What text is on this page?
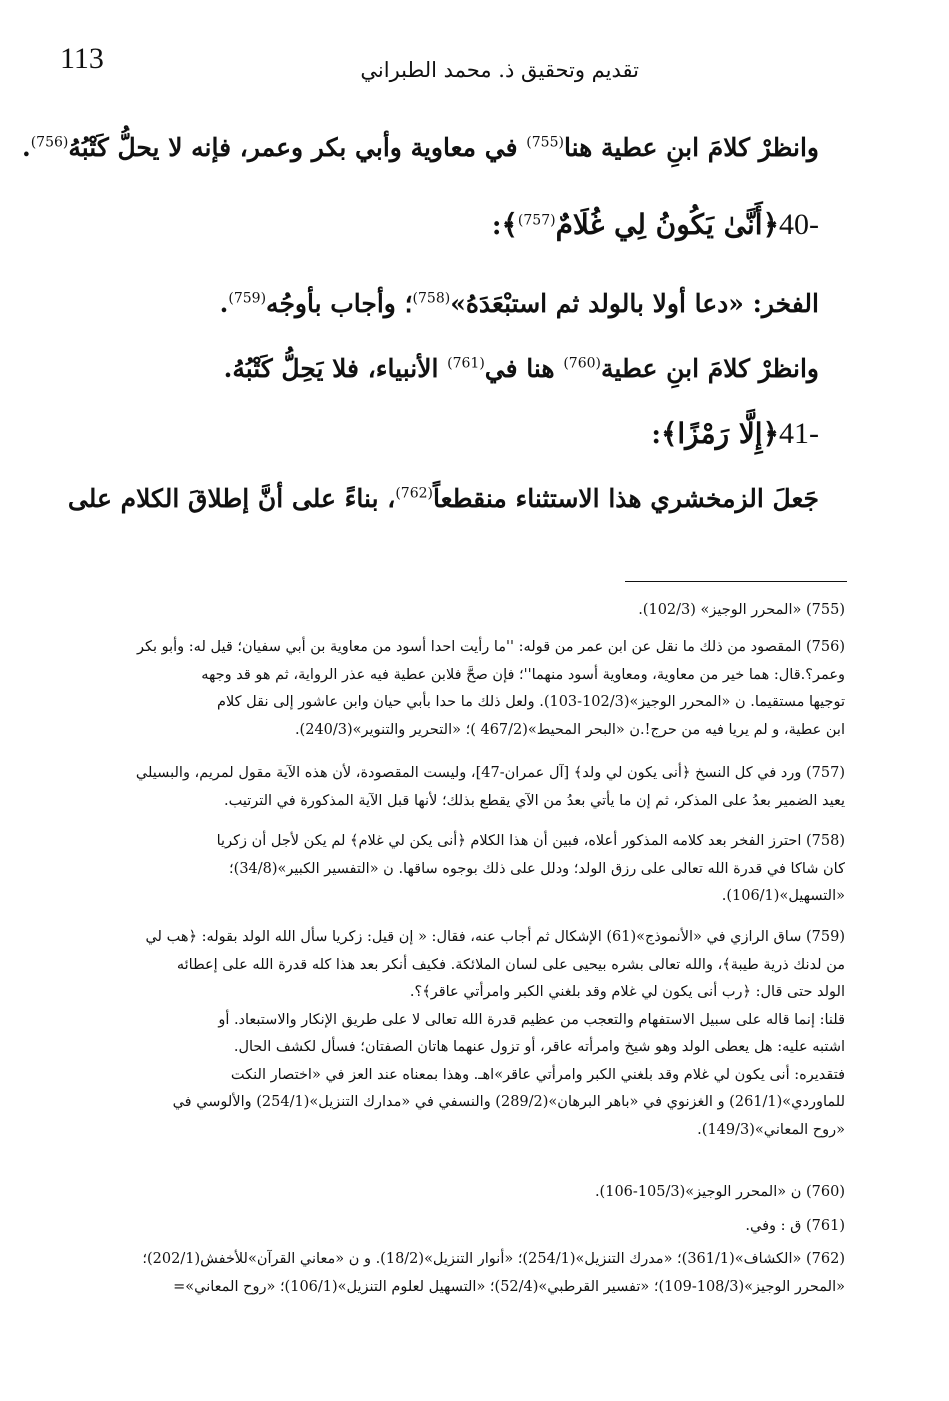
113	تقديم وتحقيق ذ. محمد الطبراني
وانظرْ كلامَ ابنِ عطية هنا$^{(755)}$ في معاوية وأبي بكر وعمر، فإنه لا يحلُّ كَتْبُهُ$^{(756)}$.
-40﴿أَنَّىٰ يَكُونُ لِي غُلَامٌ$^{(757)}$﴾:
الفخر: «دعا أولا بالولد ثم استبْعَدَهُ»$^{(758)}$؛ وأجاب بأوجُه$^{(759)}$.
وانظرْ كلامَ ابنِ عطية$^{(760)}$ هنا في$^{(761)}$ الأنبياء، فلا يَحِلُّ كَتْبُهُ.
-41﴿إِلَّا رَمْزًا﴾:
جَعلَ الزمخشري هذا الاستثناء منقطعاً$^{(762)}$، بناءً على أنَّ إطلاقَ الكلام على
(755) «المحرر الوجيز» (102/3).
(756) المقصود من ذلك ما نقل عن ابن عمر من قوله: ''ما رأيت احدا أسود من معاوية بن أبي سفيان؛ قيل له: وأبو بكر
وعمر؟.قال: هما خير من معاوية، ومعاوية أسود منهما''؛ فإن صحَّ فلابن عطية فيه عذر الرواية، ثم هو قد وجهه
توجيها مستقيما. ن «المحرر الوجيز»(102/3-103). ولعل ذلك ما حدا بأبي حيان وابن عاشور إلى نقل كلام
ابن عطية، و لم يريا فيه من حرج!.ن «البحر المحيط»(467/2 )؛ «التحرير والتنوير»(240/3).
(757) ورد في كل النسخ ﴿أنى يكون لي ولد﴾ [آل عمران-47]، وليست المقصودة، لأن هذه الآية مقول لمريم، والبسيلي
يعيد الضمير بعدُ على المذكر، ثم إن ما يأتي بعدُ من الآي يقطع بذلك؛ لأنها قبل الآية المذكورة في الترتيب.
(758) احترز الفخر بعد كلامه المذكور أعلاه، فبين أن هذا الكلام ﴿أنى يكن لي غلام﴾ لم يكن لأجل أن زكريا
كان شاكا في قدرة الله تعالى على رزق الولد؛ ودلل على ذلك بوجوه ساقها. ن «التفسير الكبير»(34/8)؛
«التسهيل»(106/1).
(759) ساق الرازي في «الأنموذج»(61) الإشكال ثم أجاب عنه، فقال: « إن قيل: زكريا سأل الله الولد بقوله: ﴿هب لي
من لدنك ذرية طيبة﴾، والله تعالى بشره بيحيى على لسان الملائكة. فكيف أنكر بعد هذا كله قدرة الله على إعطائه
الولد حتى قال: ﴿رب أنى يكون لي غلام وقد بلغني الكبر وامرأتي عاقر﴾؟.
قلنا: إنما قاله على سبيل الاستفهام والتعجب من عظيم قدرة الله تعالى لا على طريق الإنكار والاستبعاد. أو
اشتبه عليه: هل يعطى الولد وهو شيخ وامرأته عاقر، أو تزول عنهما هاتان الصفتان؛ فسأل لكشف الحال.
فتقديره: أنى يكون لي غلام وقد بلغني الكبر وامرأتي عاقر»اهـ. وهذا بمعناه عند العز في «اختصار النكت
للماوردي»(261/1) و الغزنوي في «باهر البرهان»(289/2) والنسفي في «مدارك التنزيل»(254/1) والألوسي في
«روح المعاني»(149/3).
(760) ن «المحرر الوجيز»(105/3-106).
(761) ق : وفي.
(762) «الكشاف»(361/1)؛ «مدرك التنزيل»(254/1)؛ «أنوار التنزيل»(18/2). و ن «معاني القرآن»للأخفش(202/1)؛
«المحرر الوجيز»(108/3-109)؛ «تفسير القرطبي»(52/4)؛ «التسهيل لعلوم التنزيل»(106/1)؛ «روح المعاني»=
